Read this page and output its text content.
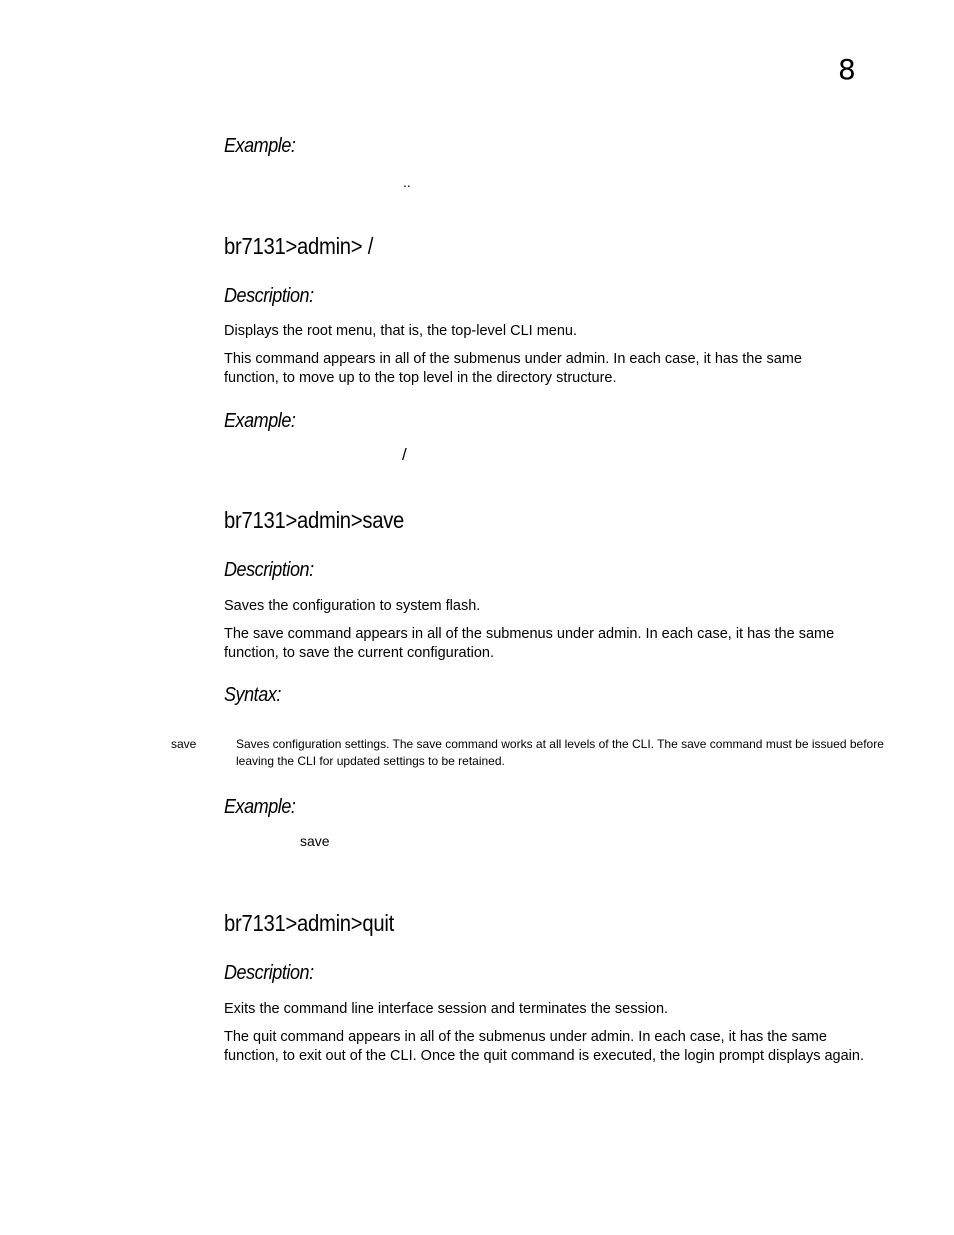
8
Example:
..
br7131>admin> /
Description:
Displays the root menu, that is, the top-level CLI menu.
This command appears in all of the submenus under admin. In each case, it has the same function, to move up to the top level in the directory structure.
Example:
/
br7131>admin>save
Description:
Saves the configuration to system flash.
The save command appears in all of the submenus under admin. In each case, it has the same function, to save the current configuration.
Syntax:
save	Saves configuration settings. The save command works at all levels of the CLI. The save command must be issued before leaving the CLI for updated settings to be retained.
Example:
save
br7131>admin>quit
Description:
Exits the command line interface session and terminates the session.
The quit command appears in all of the submenus under admin. In each case, it has the same function, to exit out of the CLI. Once the quit command is executed, the login prompt displays again.
